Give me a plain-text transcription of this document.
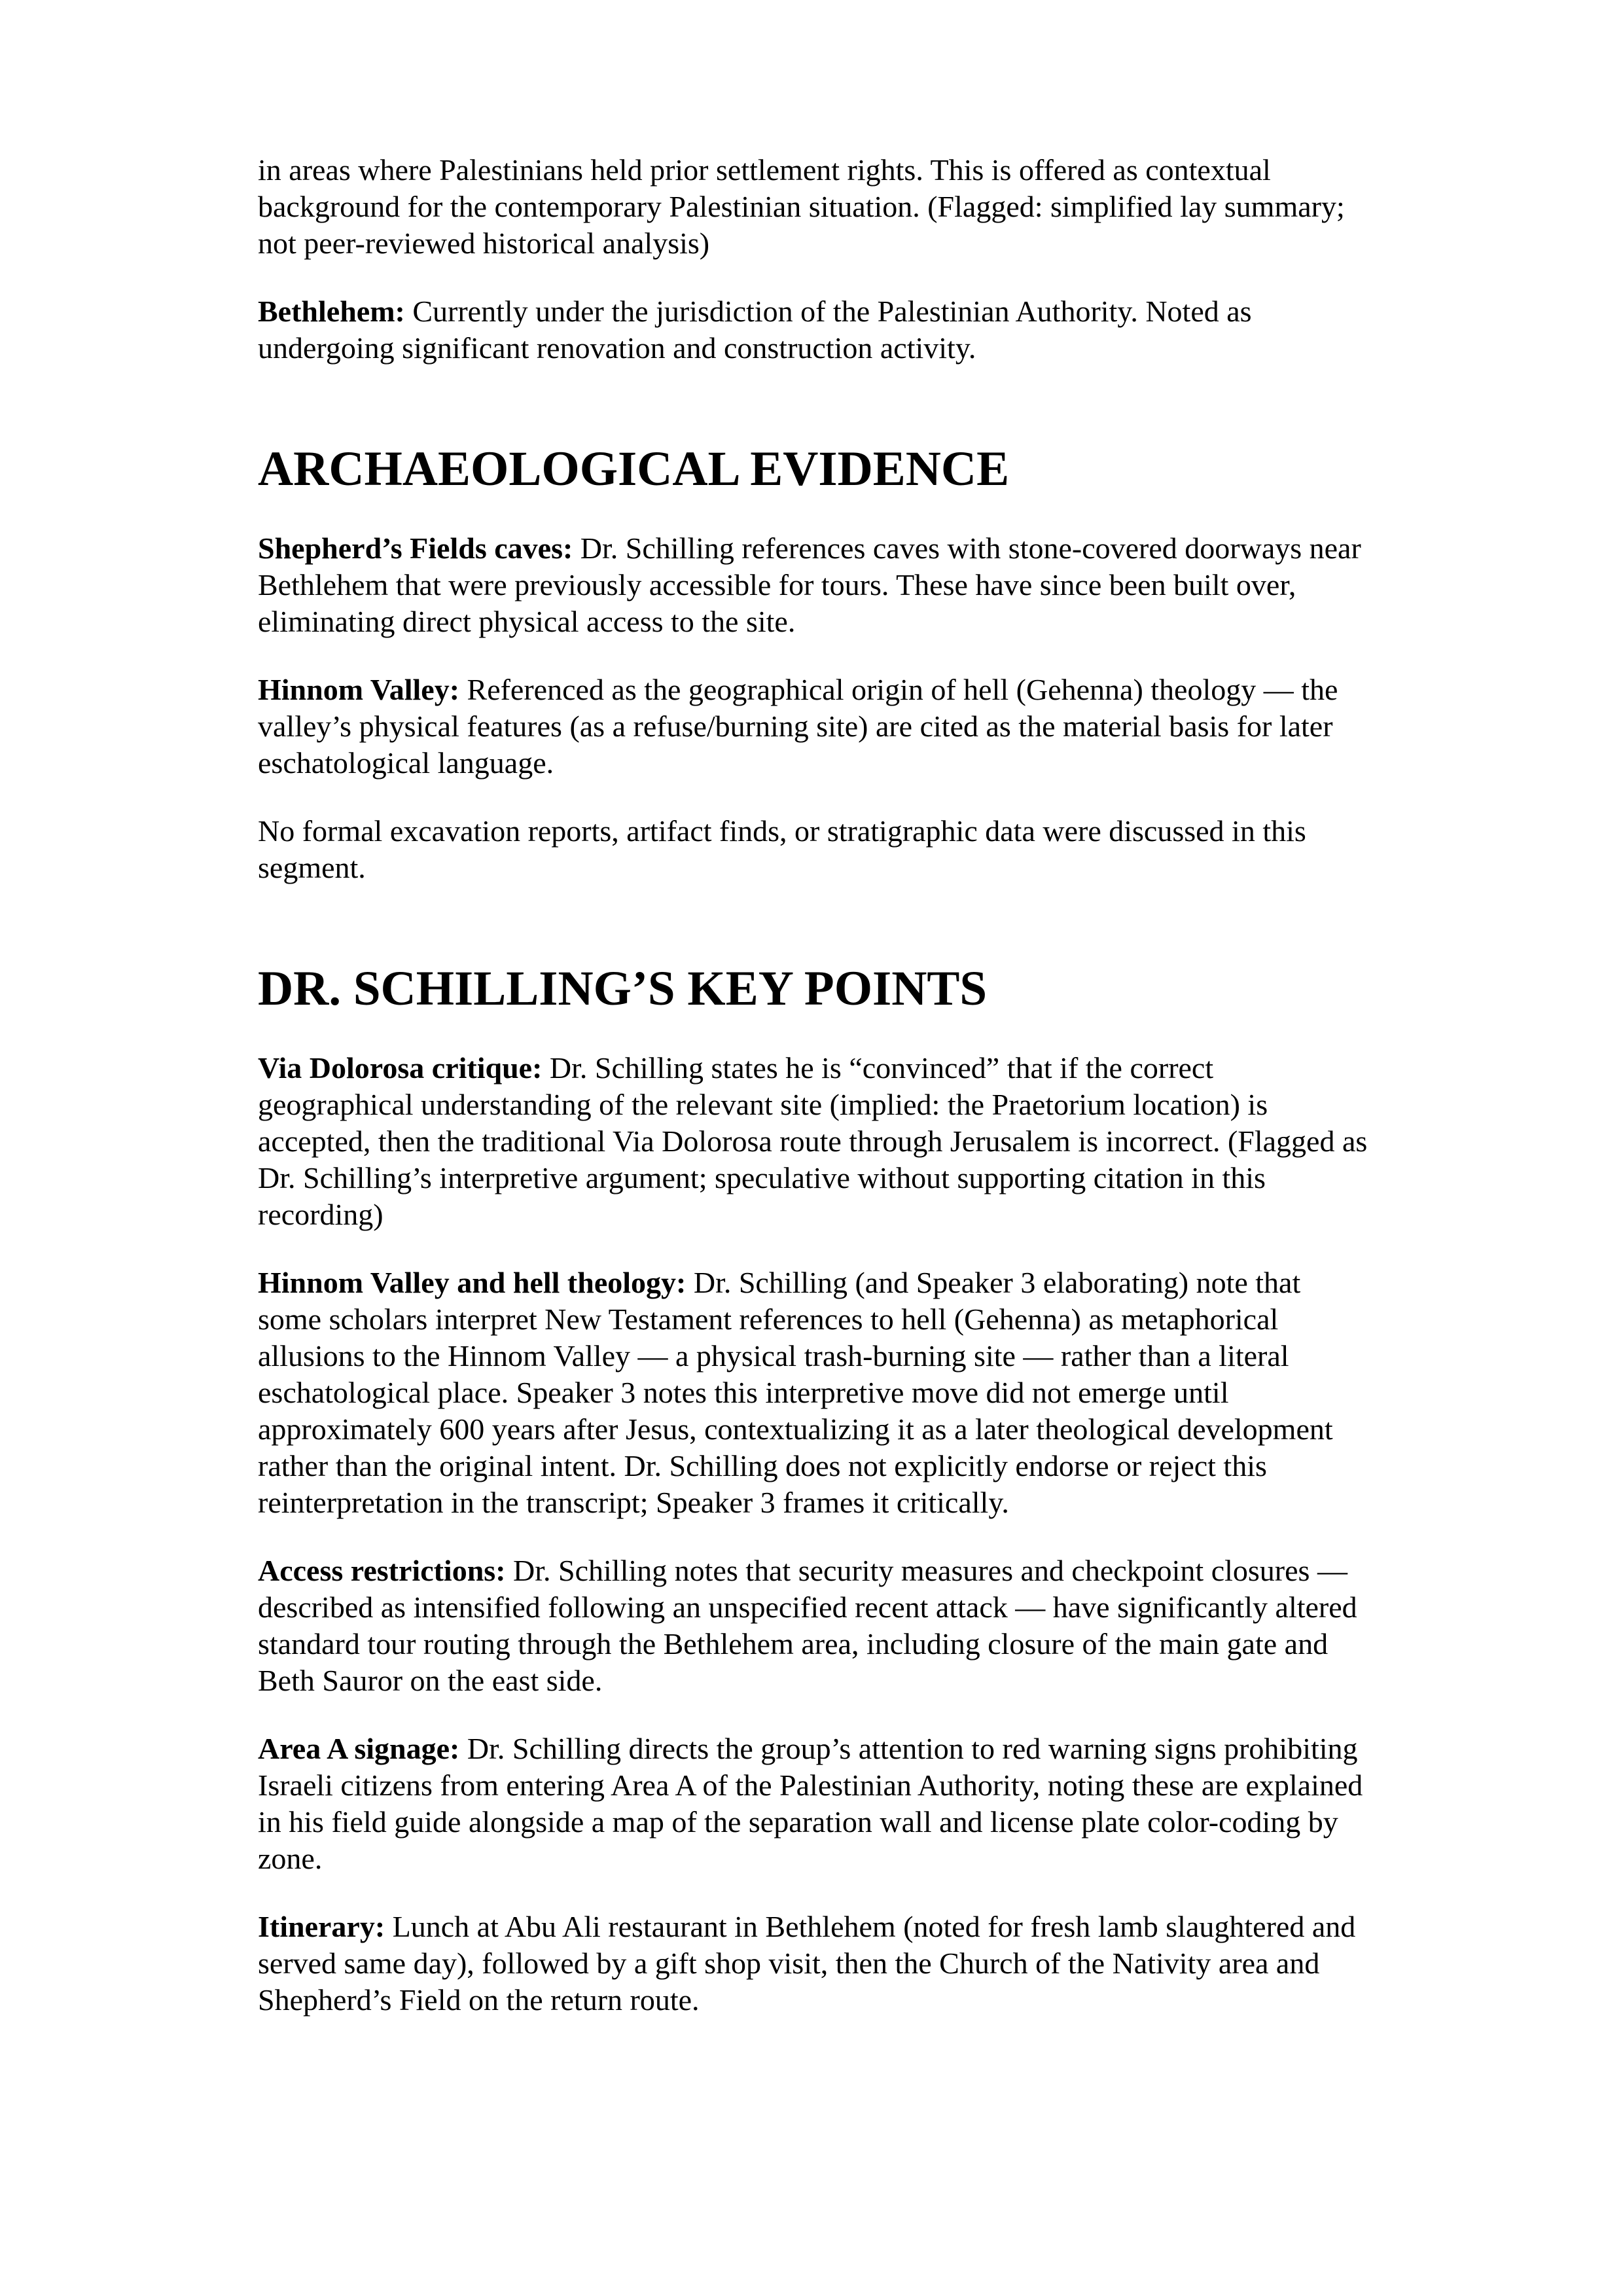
in areas where Palestinians held prior settlement rights. This is offered as contextual background for the contemporary Palestinian situation. (Flagged: simplified lay summary; not peer-reviewed historical analysis)

Bethlehem: Currently under the jurisdiction of the Palestinian Authority. Noted as undergoing significant renovation and construction activity.

ARCHAEOLOGICAL EVIDENCE

Shepherd’s Fields caves: Dr. Schilling references caves with stone-covered doorways near Bethlehem that were previously accessible for tours. These have since been built over, eliminating direct physical access to the site.

Hinnom Valley: Referenced as the geographical origin of hell (Gehenna) theology — the valley’s physical features (as a refuse/burning site) are cited as the material basis for later eschatological language.

No formal excavation reports, artifact finds, or stratigraphic data were discussed in this segment.

DR. SCHILLING’S KEY POINTS

Via Dolorosa critique: Dr. Schilling states he is “convinced” that if the correct geographical understanding of the relevant site (implied: the Praetorium location) is accepted, then the traditional Via Dolorosa route through Jerusalem is incorrect. (Flagged as Dr. Schilling’s interpretive argument; speculative without supporting citation in this recording)

Hinnom Valley and hell theology: Dr. Schilling (and Speaker 3 elaborating) note that some scholars interpret New Testament references to hell (Gehenna) as metaphorical allusions to the Hinnom Valley — a physical trash-burning site — rather than a literal eschatological place. Speaker 3 notes this interpretive move did not emerge until approximately 600 years after Jesus, contextualizing it as a later theological development rather than the original intent. Dr. Schilling does not explicitly endorse or reject this reinterpretation in the transcript; Speaker 3 frames it critically.

Access restrictions: Dr. Schilling notes that security measures and checkpoint closures — described as intensified following an unspecified recent attack — have significantly altered standard tour routing through the Bethlehem area, including closure of the main gate and Beth Sauror on the east side.

Area A signage: Dr. Schilling directs the group’s attention to red warning signs prohibiting Israeli citizens from entering Area A of the Palestinian Authority, noting these are explained in his field guide alongside a map of the separation wall and license plate color-coding by zone.

Itinerary: Lunch at Abu Ali restaurant in Bethlehem (noted for fresh lamb slaughtered and served same day), followed by a gift shop visit, then the Church of the Nativity area and Shepherd’s Field on the return route.
